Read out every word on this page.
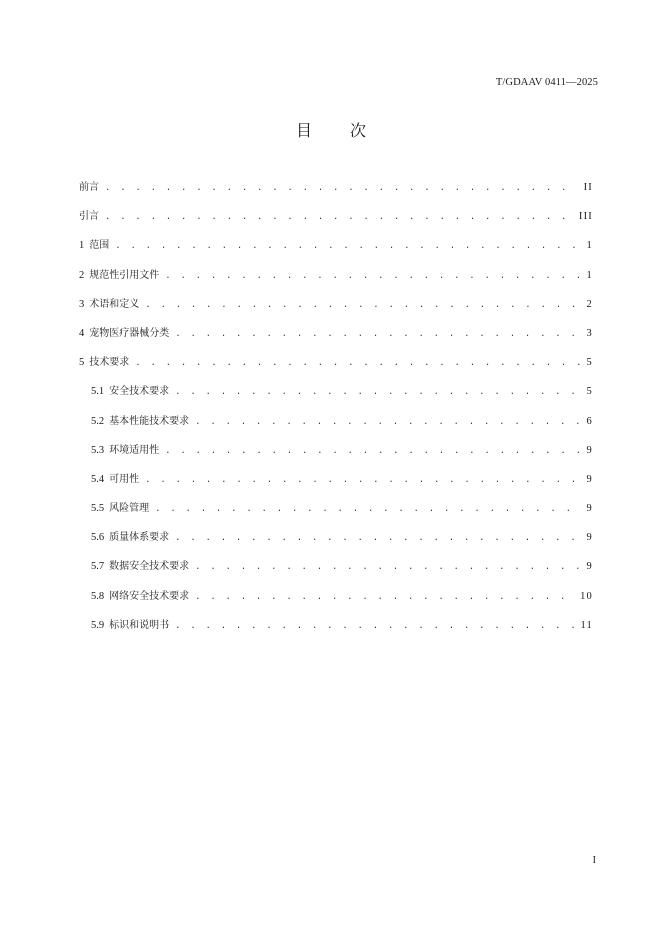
T/GDAAV 0411—2025
目次
前言 . . .	II
引言 . . .	III
1 范围 . . .	1
2 规范性引用文件 . . .	1
3 术语和定义 . . .	2
4 宠物医疗器械分类 . . .	3
5 技术要求 . . .	5
5.1 安全技术要求 . . .	5
5.2 基本性能技术要求 . . .	6
5.3 环境适用性 . . .	9
5.4 可用性 . . .	9
5.5 风险管理 . . .	9
5.6 质量体系要求 . . .	9
5.7 数据安全技术要求 . . .	9
5.8 网络安全技术要求 . . .	10
5.9 标识和说明书 . . .	11
I
